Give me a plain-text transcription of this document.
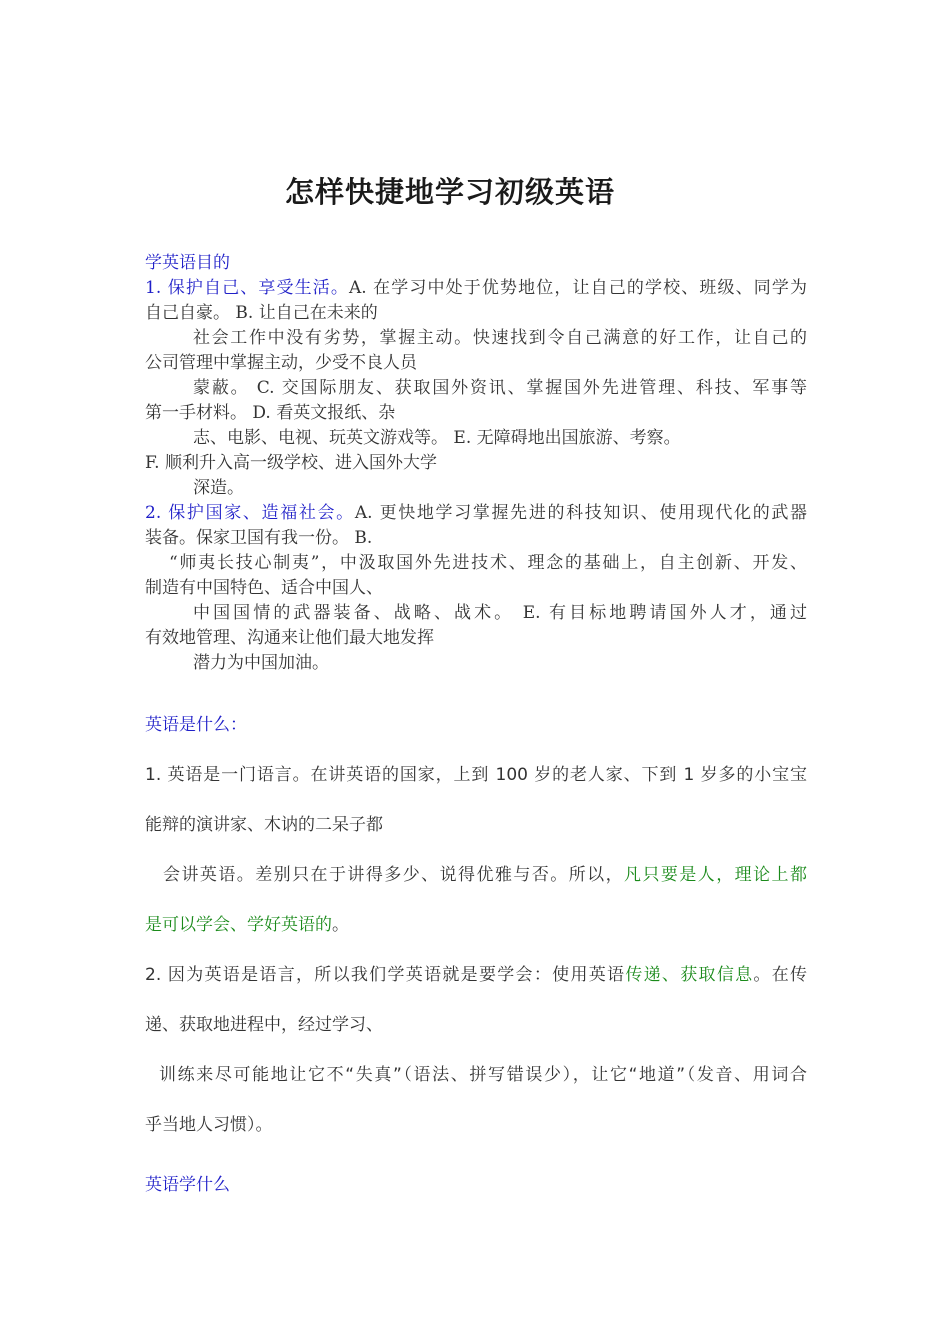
怎样快捷地学习初级英语
学英语目的
1. 保护自己、享受生活。A. 在学习中处于优势地位，让自己的学校、班级、同学为
自己自豪。 B. 让自己在未来的
社会工作中没有劣势，掌握主动。快速找到令自己满意的好工作，让自己的
公司管理中掌握主动，少受不良人员
蒙蔽。 C. 交国际朋友、获取国外资讯、掌握国外先进管理、科技、军事等
第一手材料。 D. 看英文报纸、杂
志、电影、电视、玩英文游戏等。 E. 无障碍地出国旅游、考察。
F. 顺利升入高一级学校、进入国外大学
深造。
2. 保护国家、造福社会。A. 更快地学习掌握先进的科技知识、使用现代化的武器
装备。保家卫国有我一份。 B.
“师夷长技心制夷”，中汲取国外先进技术、理念的基础上，自主创新、开发、
制造有中国特色、适合中国人、
中国国情的武器装备、战略、战术。 E. 有目标地聘请国外人才，通过
有效地管理、沟通来让他们最大地发挥
潜力为中国加油。
英语是什么：
1. 英语是一门语言。在讲英语的国家，上到 100 岁的老人家、下到 1 岁多的小宝宝
能辩的演讲家、木讷的二呆子都
会讲英语。差别只在于讲得多少、说得优雅与否。所以，凡只要是人，理论上都
是可以学会、学好英语的。
2. 因为英语是语言，所以我们学英语就是要学会：使用英语传递、获取信息。在传
递、获取地进程中，经过学习、
训练来尽可能地让它不“失真”（语法、拼写错误少），让它“地道”（发音、用词合
乎当地人习惯）。
英语学什么
